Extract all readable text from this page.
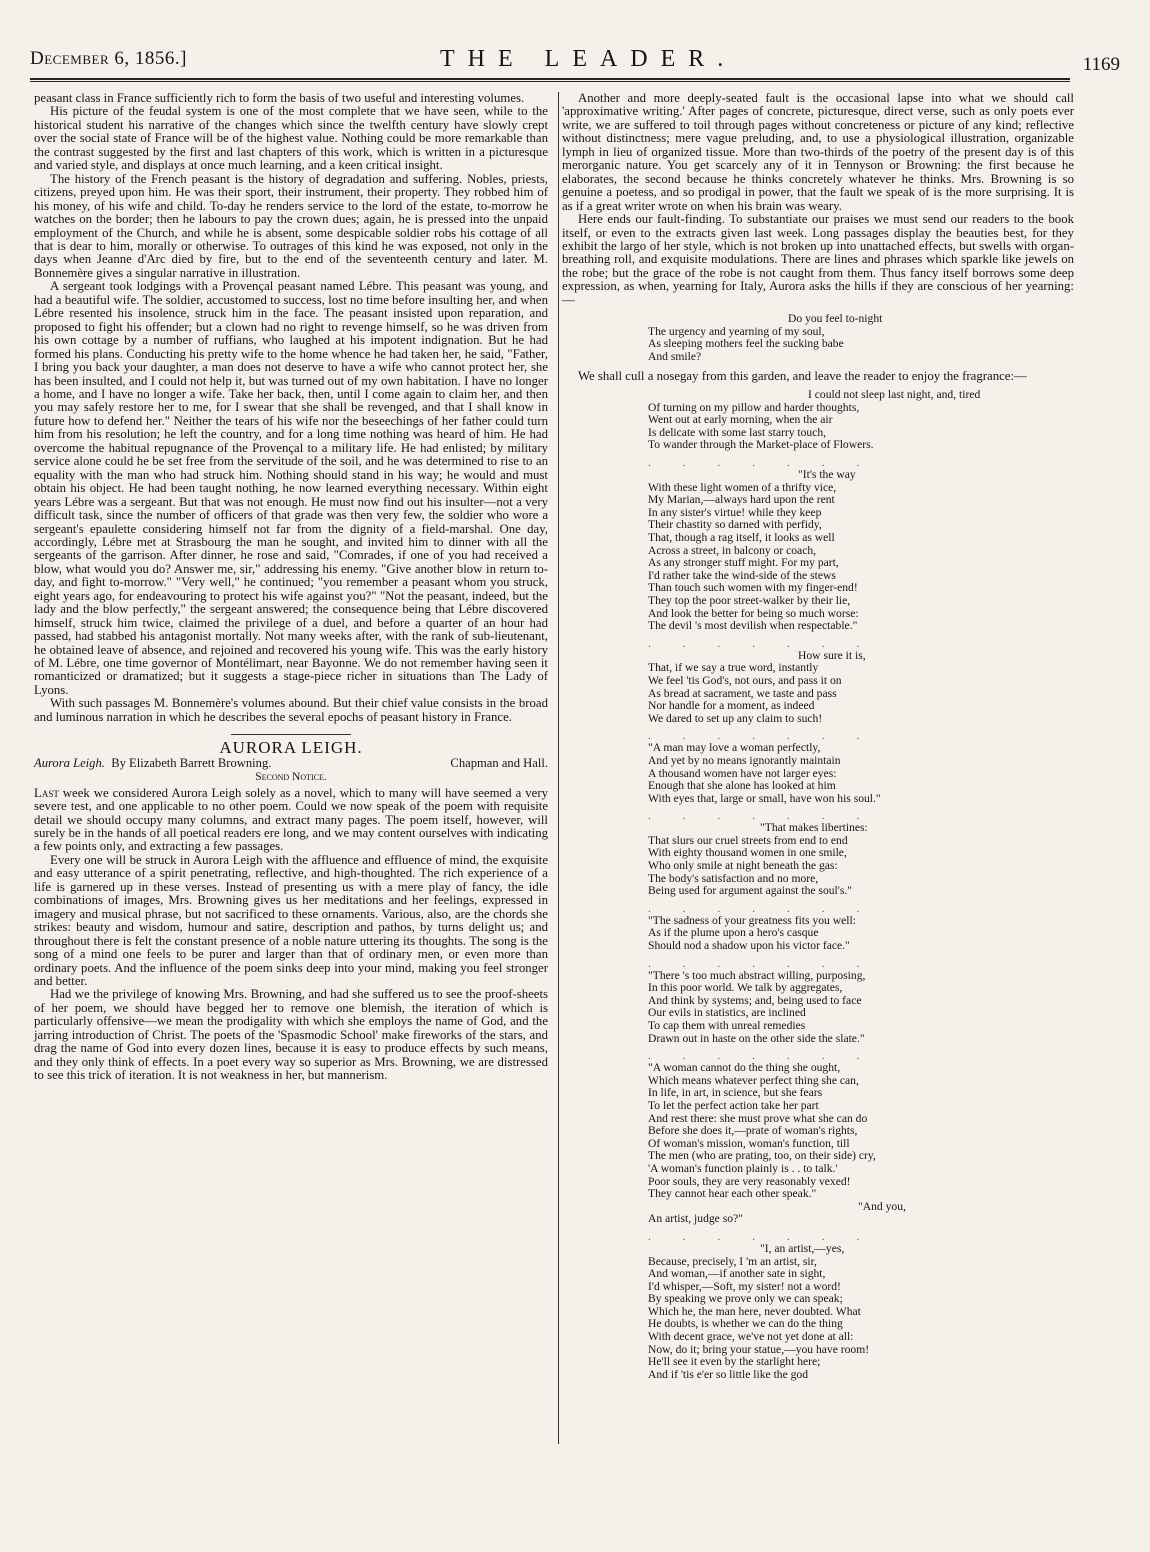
December 6, 1856.]	THE LEADER.	1169

peasant class in France sufficiently rich to form the basis of two useful and interesting volumes.

His picture of the feudal system is one of the most complete that we have seen, while to the historical student his narrative of the changes which since the twelfth century have slowly crept over the social state of France will be of the highest value. Nothing could be more remarkable than the contrast suggested by the first and last chapters of this work, which is written in a picturesque and varied style, and displays at once much learning, and a keen critical insight.

The history of the French peasant is the history of degradation and suffering. Nobles, priests, citizens, preyed upon him. He was their sport, their instrument, their property. They robbed him of his money, of his wife and child. To-day he renders service to the lord of the estate, to-morrow he watches on the border; then he labours to pay the crown dues; again, he is pressed into the unpaid employment of the Church, and while he is absent, some despicable soldier robs his cottage of all that is dear to him, morally or otherwise. To outrages of this kind he was exposed, not only in the days when Jeanne d'Arc died by fire, but to the end of the seventeenth century and later. M. Bonnemère gives a singular narrative in illustration.

A sergeant took lodgings with a Provençal peasant named Lébre. This peasant was young, and had a beautiful wife. The soldier, accustomed to success, lost no time before insulting her, and when Lébre resented his insolence, struck him in the face. The peasant insisted upon reparation, and proposed to fight his offender; but a clown had no right to revenge himself, so he was driven from his own cottage by a number of ruffians, who laughed at his impotent indignation. But he had formed his plans. Conducting his pretty wife to the home whence he had taken her, he said, "Father, I bring you back your daughter, a man does not deserve to have a wife who cannot protect her, she has been insulted, and I could not help it, but was turned out of my own habitation. I have no longer a home, and I have no longer a wife. Take her back, then, until I come again to claim her, and then you may safely restore her to me, for I swear that she shall be revenged, and that I shall know in future how to defend her." Neither the tears of his wife nor the beseechings of her father could turn him from his resolution; he left the country, and for a long time nothing was heard of him. He had overcome the habitual repugnance of the Provençal to a military life. He had enlisted; by military service alone could he be set free from the servitude of the soil, and he was determined to rise to an equality with the man who had struck him. Nothing should stand in his way; he would and must obtain his object. He had been taught nothing, he now learned everything necessary. Within eight years Lébre was a sergeant. But that was not enough. He must now find out his insulter—not a very difficult task, since the number of officers of that grade was then very few, the soldier who wore a sergeant's epaulette considering himself not far from the dignity of a field-marshal. One day, accordingly, Lébre met at Strasbourg the man he sought, and invited him to dinner with all the sergeants of the garrison. After dinner, he rose and said, "Comrades, if one of you had received a blow, what would you do? Answer me, sir," addressing his enemy. "Give another blow in return to-day, and fight to-morrow." "Very well," he continued; "you remember a peasant whom you struck, eight years ago, for endeavouring to protect his wife against you?" "Not the peasant, indeed, but the lady and the blow perfectly," the sergeant answered; the consequence being that Lébre discovered himself, struck him twice, claimed the privilege of a duel, and before a quarter of an hour had passed, had stabbed his antagonist mortally. Not many weeks after, with the rank of sub-lieutenant, he obtained leave of absence, and rejoined and recovered his young wife. This was the early history of M. Lébre, one time governor of Montélimart, near Bayonne. We do not remember having seen it romanticized or dramatized; but it suggests a stage-piece richer in situations than The Lady of Lyons.

With such passages M. Bonnemère's volumes abound. But their chief value consists in the broad and luminous narration in which he describes the several epochs of peasant history in France.

AURORA LEIGH.
Aurora Leigh. By Elizabeth Barrett Browning.	Chapman and Hall.
Second Notice.

Last week we considered Aurora Leigh solely as a novel, which to many will have seemed a very severe test, and one applicable to no other poem. Could we now speak of the poem with requisite detail we should occupy many columns, and extract many pages. The poem itself, however, will surely be in the hands of all poetical readers ere long, and we may content ourselves with indicating a few points only, and extracting a few passages.

Every one will be struck in Aurora Leigh with the affluence and effluence of mind, the exquisite and easy utterance of a spirit penetrating, reflective, and high-thoughted. The rich experience of a life is garnered up in these verses. Instead of presenting us with a mere play of fancy, the idle combinations of images, Mrs. Browning gives us her meditations and her feelings, expressed in imagery and musical phrase, but not sacrificed to these ornaments. Various, also, are the chords she strikes: beauty and wisdom, humour and satire, description and pathos, by turns delight us; and throughout there is felt the constant presence of a noble nature uttering its thoughts. The song is the song of a mind one feels to be purer and larger than that of ordinary men, or even more than ordinary poets. And the influence of the poem sinks deep into your mind, making you feel stronger and better.

Had we the privilege of knowing Mrs. Browning, and had she suffered us to see the proof-sheets of her poem, we should have begged her to remove one blemish, the iteration of which is particularly offensive—we mean the prodigality with which she employs the name of God, and the jarring introduction of Christ. The poets of the 'Spasmodic School' make fireworks of the stars, and drag the name of God into every dozen lines, because it is easy to produce effects by such means, and they only think of effects. In a poet every way so superior as Mrs. Browning, we are distressed to see this trick of iteration. It is not weakness in her, but mannerism.

Another and more deeply-seated fault is the occasional lapse into what we should call 'approximative writing.' After pages of concrete, picturesque, direct verse, such as only poets ever write, we are suffered to toil through pages without concreteness or picture of any kind; reflective without distinctness; mere vague preluding, and, to use a physiological illustration, organizable lymph in lieu of organized tissue. More than two-thirds of the poetry of the present day is of this merorganic nature. You get scarcely any of it in Tennyson or Browning: the first because he elaborates, the second because he thinks concretely whatever he thinks. Mrs. Browning is so genuine a poetess, and so prodigal in power, that the fault we speak of is the more surprising. It is as if a great writer wrote on when his brain was weary.

Here ends our fault-finding. To substantiate our praises we must send our readers to the book itself, or even to the extracts given last week. Long passages display the beauties best, for they exhibit the largo of her style, which is not broken up into unattached effects, but swells with organ-breathing roll, and exquisite modulations. There are lines and phrases which sparkle like jewels on the robe; but the grace of the robe is not caught from them. Thus fancy itself borrows some deep expression, as when, yearning for Italy, Aurora asks the hills if they are conscious of her yearning:—

Do you feel to-night
The urgency and yearning of my soul,
As sleeping mothers feel the sucking babe
And smile?

We shall cull a nosegay from this garden, and leave the reader to enjoy the fragrance:—

I could not sleep last night, and, tired
Of turning on my pillow and harder thoughts,
Went out at early morning, when the air
Is delicate with some last starry touch,
To wander through the Market-place of Flowers.
.......
"It's the way
With these light women of a thrifty vice,
My Marian,—always hard upon the rent
In any sister's virtue! while they keep
Their chastity so darned with perfidy,
That, though a rag itself, it looks as well
Across a street, in balcony or coach,
As any stronger stuff might. For my part,
I'd rather take the wind-side of the stews
Than touch such women with my finger-end!
They top the poor street-walker by their lie,
And look the better for being so much worse:
The devil 's most devilish when respectable."
.......
How sure it is,
That, if we say a true word, instantly
We feel 'tis God's, not ours, and pass it on
As bread at sacrament, we taste and pass
Nor handle for a moment, as indeed
We dared to set up any claim to such!
.......
"A man may love a woman perfectly,
And yet by no means ignorantly maintain
A thousand women have not larger eyes:
Enough that she alone has looked at him
With eyes that, large or small, have won his soul."
.......
"That makes libertines:
That slurs our cruel streets from end to end
With eighty thousand women in one smile,
Who only smile at night beneath the gas:
The body's satisfaction and no more,
Being used for argument against the soul's."
.......
"The sadness of your greatness fits you well:
As if the plume upon a hero's casque
Should nod a shadow upon his victor face."
.......
"There 's too much abstract willing, purposing,
In this poor world. We talk by aggregates,
And think by systems; and, being used to face
Our evils in statistics, are inclined
To cap them with unreal remedies
Drawn out in haste on the other side the slate."
.......
"A woman cannot do the thing she ought,
Which means whatever perfect thing she can,
In life, in art, in science, but she fears
To let the perfect action take her part
And rest there: she must prove what she can do
Before she does it,—prate of woman's rights,
Of woman's mission, woman's function, till
The men (who are prating, too, on their side) cry,
'A woman's function plainly is . . to talk.'
Poor souls, they are very reasonably vexed!
They cannot hear each other speak."
"And you,
An artist, judge so?"
.......
"I, an artist,—yes,
Because, precisely, I 'm an artist, sir,
And woman,—if another sate in sight,
I'd whisper,—Soft, my sister! not a word!
By speaking we prove only we can speak;
Which he, the man here, never doubted. What
He doubts, is whether we can do the thing
With decent grace, we've not yet done at all:
Now, do it; bring your statue,—you have room!
He'll see it even by the starlight here;
And if 'tis e'er so little like the god
